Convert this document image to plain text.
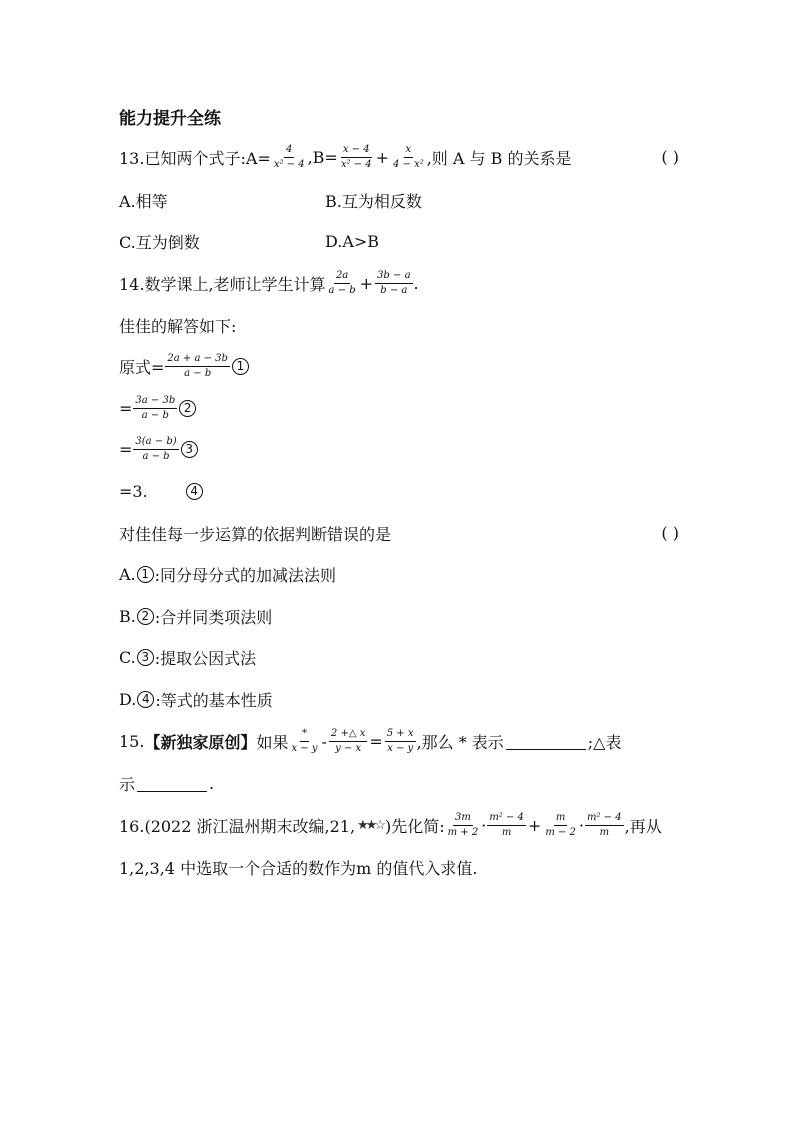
能力提升全练
13.已知两个式子:A= $\frac{4}{\text{x² − 4}} ,B= \frac{x - 4}{\text{x² − 4}} + \frac{x}{\text{4 − x²}}$ ,则 A 与 B 的关系是	( )
A.相等	B.互为相反数
C.互为倒数	D.A>B
14.数学课上,老师让学生计算 $\frac{2a}{a - b} + \frac{3b - a}{b - a}$ .
佳佳的解答如下:
原式= $\frac{2a + a - 3b}{a - b} 1$
= $\frac{3a - 3b}{a - b} 2$
= $\frac{3(a - b)}{a - b} 3$
=3.	4
对佳佳每一步运算的依据判断错误的是	( )
A. 1 :同分母分式的加减法法则
B. 2 :合并同类项法则
C. 3 :提取公因式法
D. 4 :等式的基本性质
15. 【新独家原创】 如果 $\frac{*}{x - y} - \frac{2 +\triangle x}{y - x} = \frac{5 + x}{x - y}$ ,那么 * 表示	;△表
示	.
16.(2022 浙江温州期末改编,21, ★★☆ )先化简: $\frac{3m}{m + 2} \cdot \frac{\text{m² − 4}}{m} + \frac{m}{m - 2} \cdot \frac{\text{m² − 4}}{m}$ ,再从
1,2,3,4 中选取一个合适的数作为m 的值代入求值.
